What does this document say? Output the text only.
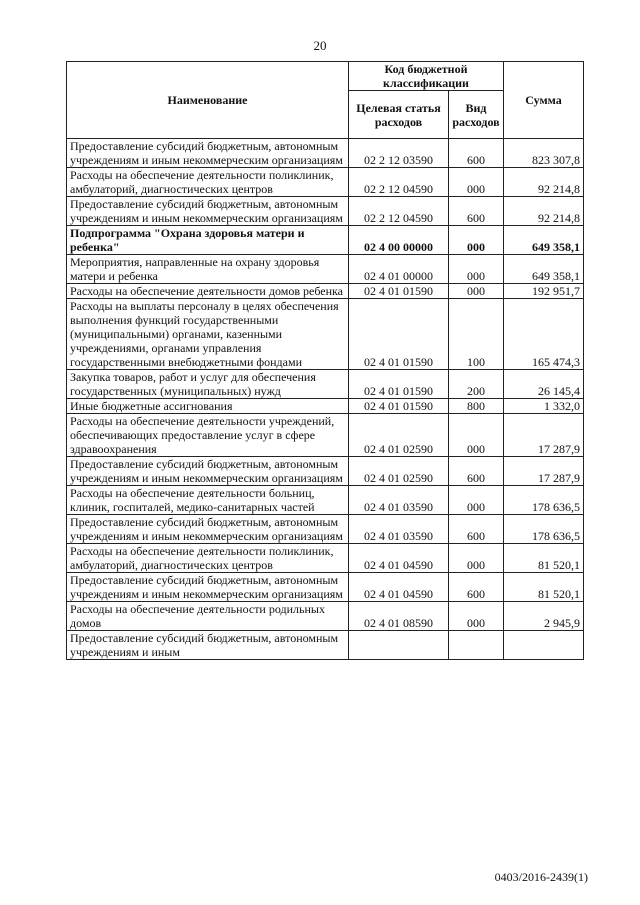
20
Наименование	Код бюджетной классификации		Сумма
	Целевая статья расходов	Вид расходов	
Предоставление субсидий бюджетным, автономным учреждениям и иным некоммерческим организациям	02 2 12 03590	600	823 307,8
Расходы на обеспечение деятельности поликлиник, амбулаторий, диагностических центров	02 2 12 04590	000	92 214,8
Предоставление субсидий бюджетным, автономным учреждениям и иным некоммерческим организациям	02 2 12 04590	600	92 214,8
Подпрограмма "Охрана здоровья матери и ребенка"	02 4 00 00000	000	649 358,1
Мероприятия, направленные на охрану здоровья матери и ребенка	02 4 01 00000	000	649 358,1
Расходы на обеспечение деятельности домов ребенка	02 4 01 01590	000	192 951,7
Расходы на выплаты персоналу в целях обеспечения выполнения функций государственными (муниципальными) органами, казенными учреждениями, органами управления государственными внебюджетными фондами	02 4 01 01590	100	165 474,3
Закупка товаров, работ и услуг для обеспечения государственных (муниципальных) нужд	02 4 01 01590	200	26 145,4
Иные бюджетные ассигнования	02 4 01 01590	800	1 332,0
Расходы на обеспечение деятельности учреждений, обеспечивающих предоставление услуг в сфере здравоохранения	02 4 01 02590	000	17 287,9
Предоставление субсидий бюджетным, автономным учреждениям и иным некоммерческим организациям	02 4 01 02590	600	17 287,9
Расходы на обеспечение деятельности больниц, клиник, госпиталей, медико-санитарных частей	02 4 01 03590	000	178 636,5
Предоставление субсидий бюджетным, автономным учреждениям и иным некоммерческим организациям	02 4 01 03590	600	178 636,5
Расходы на обеспечение деятельности поликлиник, амбулаторий, диагностических центров	02 4 01 04590	000	81 520,1
Предоставление субсидий бюджетным, автономным учреждениям и иным некоммерческим организациям	02 4 01 04590	600	81 520,1
Расходы на обеспечение деятельности родильных домов	02 4 01 08590	000	2 945,9
Предоставление субсидий бюджетным, автономным учреждениям и иным			
0403/2016-2439(1)
